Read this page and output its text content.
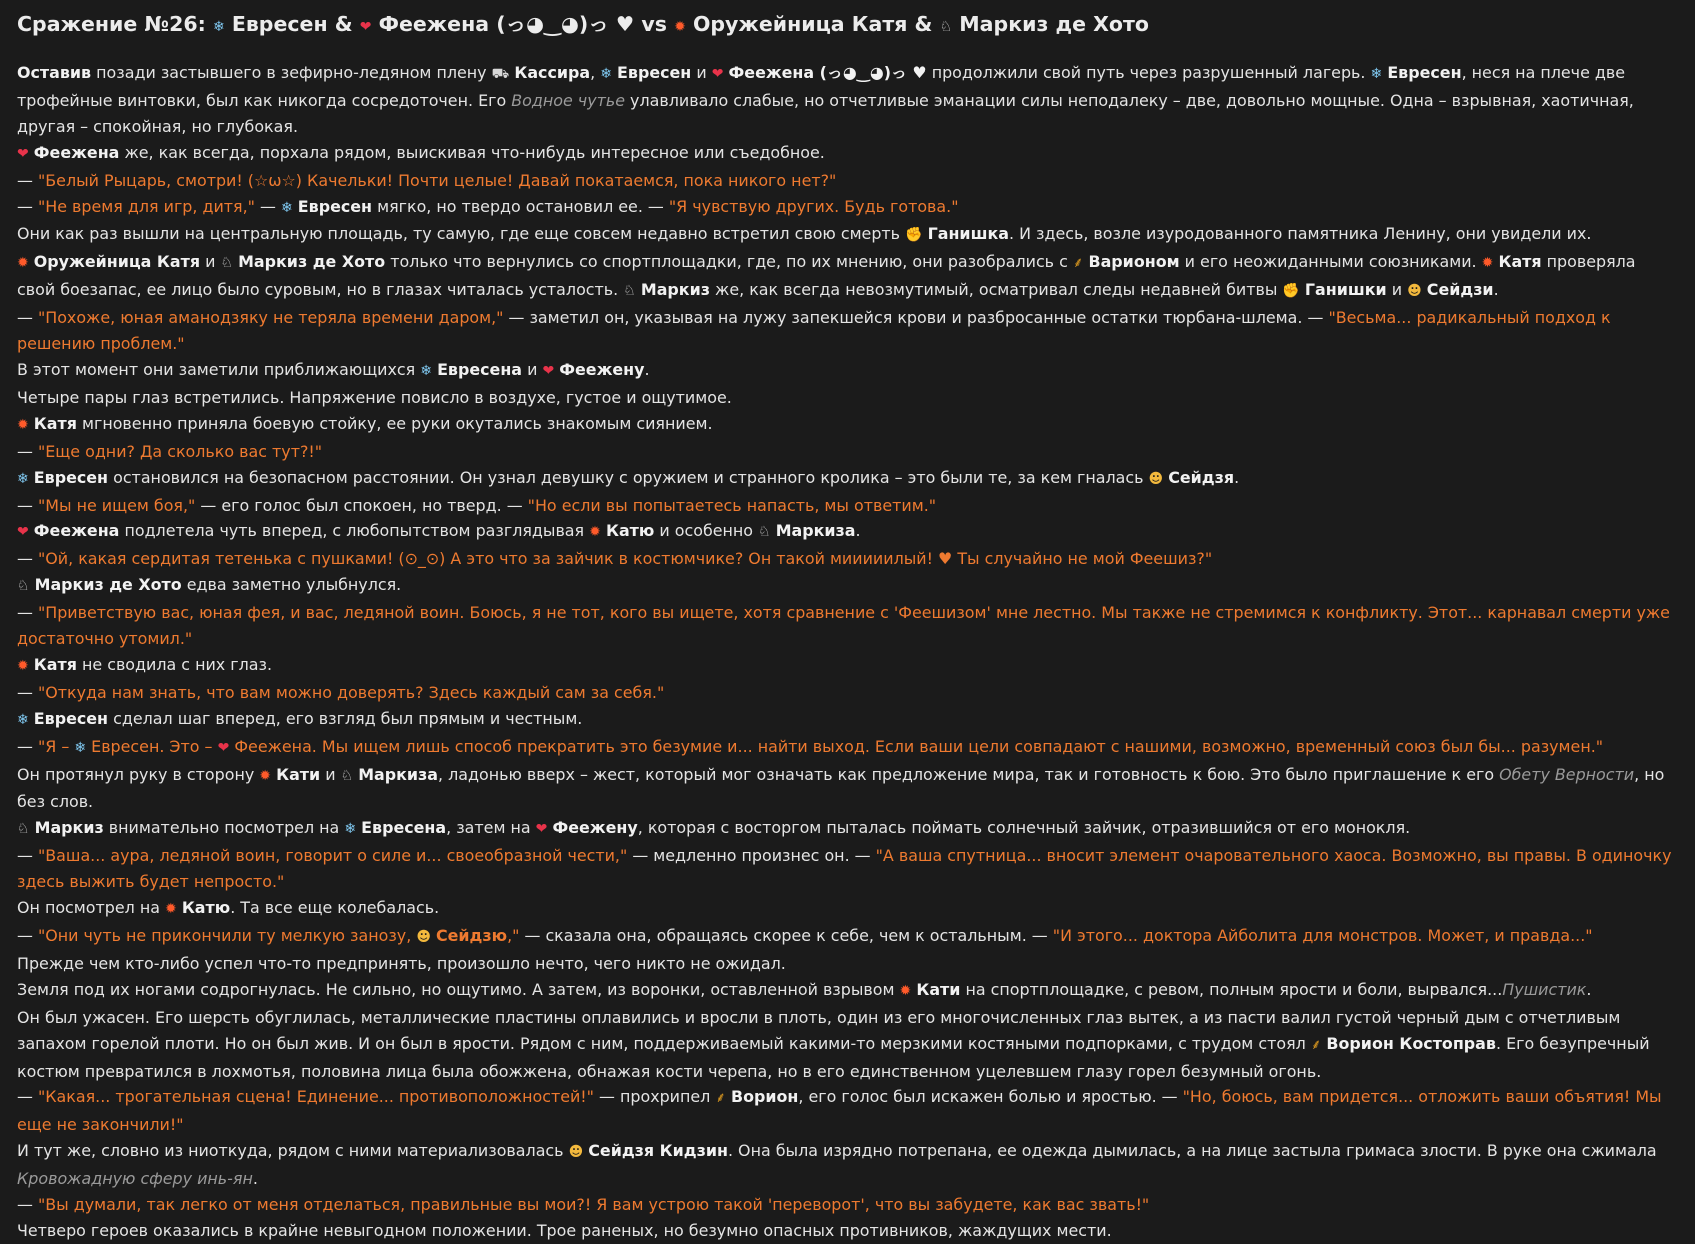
Сражение №26: ❄ Евресен & ❤ Феежена (っ◕‿◕)っ ♥ vs ✹ Оружейница Катя & ♘ Маркиз де Хото

Оставив позади застывшего в зефирно-ледяном плену ⛟ Кассира, ❄ Евресен и ❤ Феежена (っ◕‿◕)っ ♥ продолжили свой путь через разрушенный лагерь. ❄ Евресен, неся на плече две трофейные винтовки, был как никогда сосредоточен. Его Водное чутье улавливало слабые, но отчетливые эманации силы неподалеку – две, довольно мощные. Одна – взрывная, хаотичная, другая – спокойная, но глубокая.

❤ Феежена же, как всегда, порхала рядом, выискивая что-нибудь интересное или съедобное.

— "Белый Рыцарь, смотри! (☆ω☆) Качельки! Почти целые! Давай покатаемся, пока никого нет?"

— "Не время для игр, дитя," — ❄ Евресен мягко, но твердо остановил ее. — "Я чувствую других. Будь готова."

Они как раз вышли на центральную площадь, ту самую, где еще совсем недавно встретил свою смерть ✊ Ганишка. И здесь, возле изуродованного памятника Ленину, они увидели их.

✹ Оружейница Катя и ♘ Маркиз де Хото только что вернулись со спортплощадки, где, по их мнению, они разобрались с ⸙ Варионом и его неожиданными союзниками. ✹ Катя проверяла свой боезапас, ее лицо было суровым, но в глазах читалась усталость. ♘ Маркиз же, как всегда невозмутимый, осматривал следы недавней битвы ✊ Ганишки и ☻ Сейдзи.

— "Похоже, юная аманодзяку не теряла времени даром," — заметил он, указывая на лужу запекшейся крови и разбросанные остатки тюрбана-шлема. — "Весьма... радикальный подход к решению проблем."

В этот момент они заметили приближающихся ❄ Евресена и ❤ Феежену.

Четыре пары глаз встретились. Напряжение повисло в воздухе, густое и ощутимое.

✹ Катя мгновенно приняла боевую стойку, ее руки окутались знакомым сиянием.

— "Еще одни? Да сколько вас тут?!"

❄ Евресен остановился на безопасном расстоянии. Он узнал девушку с оружием и странного кролика – это были те, за кем гналась ☻ Сейдзя.

— "Мы не ищем боя," — его голос был спокоен, но тверд. — "Но если вы попытаетесь напасть, мы ответим."

❤ Феежена подлетела чуть вперед, с любопытством разглядывая ✹ Катю и особенно ♘ Маркиза.

— "Ой, какая сердитая тетенька с пушками! (⊙_⊙) А это что за зайчик в костюмчике? Он такой мииииилый! ♥ Ты случайно не мой Феешиз?"

♘ Маркиз де Хото едва заметно улыбнулся.

— "Приветствую вас, юная фея, и вас, ледяной воин. Боюсь, я не тот, кого вы ищете, хотя сравнение с 'Феешизом' мне лестно. Мы также не стремимся к конфликту. Этот... карнавал смерти уже достаточно утомил."

✹ Катя не сводила с них глаз.

— "Откуда нам знать, что вам можно доверять? Здесь каждый сам за себя."

❄ Евресен сделал шаг вперед, его взгляд был прямым и честным.

— "Я – ❄ Евресен. Это – ❤ Феежена. Мы ищем лишь способ прекратить это безумие и... найти выход. Если ваши цели совпадают с нашими, возможно, временный союз был бы... разумен."

Он протянул руку в сторону ✹ Кати и ♘ Маркиза, ладонью вверх – жест, который мог означать как предложение мира, так и готовность к бою. Это было приглашение к его Обету Верности, но без слов.

♘ Маркиз внимательно посмотрел на ❄ Евресена, затем на ❤ Феежену, которая с восторгом пыталась поймать солнечный зайчик, отразившийся от его монокля.

— "Ваша... аура, ледяной воин, говорит о силе и... своеобразной чести," — медленно произнес он. — "А ваша спутница... вносит элемент очаровательного хаоса. Возможно, вы правы. В одиночку здесь выжить будет непросто."

Он посмотрел на ✹ Катю. Та все еще колебалась.

— "Они чуть не прикончили ту мелкую занозу, ☻ Сейдзю," — сказала она, обращаясь скорее к себе, чем к остальным. — "И этого... доктора Айболита для монстров. Может, и правда..."

Прежде чем кто-либо успел что-то предпринять, произошло нечто, чего никто не ожидал.

Земля под их ногами содрогнулась. Не сильно, но ощутимо. А затем, из воронки, оставленной взрывом ✹ Кати на спортплощадке, с ревом, полным ярости и боли, вырвался...Пушистик.

Он был ужасен. Его шерсть обуглилась, металлические пластины оплавились и вросли в плоть, один из его многочисленных глаз вытек, а из пасти валил густой черный дым с отчетливым запахом горелой плоти. Но он был жив. И он был в ярости. Рядом с ним, поддерживаемый какими-то мерзкими костяными подпорками, с трудом стоял ⸙ Ворион Костоправ. Его безупречный костюм превратился в лохмотья, половина лица была обожжена, обнажая кости черепа, но в его единственном уцелевшем глазу горел безумный огонь.

— "Какая... трогательная сцена! Единение... противоположностей!" — прохрипел ⸙ Ворион, его голос был искажен болью и яростью. — "Но, боюсь, вам придется... отложить ваши объятия! Мы еще не закончили!"

И тут же, словно из ниоткуда, рядом с ними материализовалась ☻ Сейдзя Кидзин. Она была изрядно потрепана, ее одежда дымилась, а на лице застыла гримаса злости. В руке она сжимала Кровожадную сферу инь-ян.

— "Вы думали, так легко от меня отделаться, правильные вы мои?! Я вам устрою такой 'переворот', что вы забудете, как вас звать!"

Четверо героев оказались в крайне невыгодном положении. Трое раненых, но безумно опасных противников, жаждущих мести.
